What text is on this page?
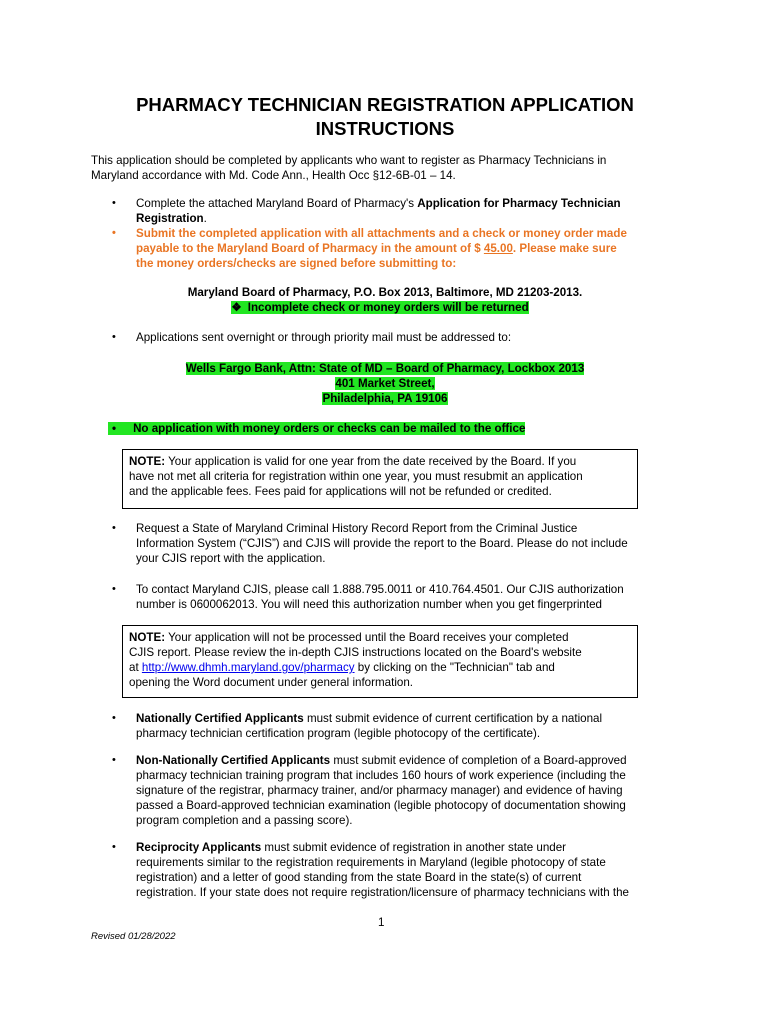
PHARMACY TECHNICIAN REGISTRATION APPLICATION
INSTRUCTIONS
This application should be completed by applicants who want to register as Pharmacy Technicians in
Maryland accordance with Md. Code Ann., Health Occ §12-6B-01 – 14.
• Complete the attached Maryland Board of Pharmacy's Application for Pharmacy Technician
Registration.
• Submit the completed application with all attachments and a check or money order made
payable to the Maryland Board of Pharmacy in the amount of $ 45.00. Please make sure
the money orders/checks are signed before submitting to:
Maryland Board of Pharmacy, P.O. Box 2013, Baltimore, MD 21203-2013.
❖ Incomplete check or money orders will be returned
• Applications sent overnight or through priority mail must be addressed to:
Wells Fargo Bank, Attn: State of MD – Board of Pharmacy, Lockbox 2013
401 Market Street,
Philadelphia, PA 19106
• No application with money orders or checks can be mailed to the office
NOTE: Your application is valid for one year from the date received by the Board. If you
have not met all criteria for registration within one year, you must resubmit an application
and the applicable fees. Fees paid for applications will not be refunded or credited.
• Request a State of Maryland Criminal History Record Report from the Criminal Justice
Information System (“CJIS”) and CJIS will provide the report to the Board. Please do not include
your CJIS report with the application.
• To contact Maryland CJIS, please call 1.888.795.0011 or 410.764.4501. Our CJIS authorization
number is 0600062013. You will need this authorization number when you get fingerprinted
NOTE: Your application will not be processed until the Board receives your completed
CJIS report. Please review the in-depth CJIS instructions located on the Board's website
at http://www.dhmh.maryland.gov/pharmacy by clicking on the "Technician" tab and
opening the Word document under general information.
• Nationally Certified Applicants must submit evidence of current certification by a national
pharmacy technician certification program (legible photocopy of the certificate).
• Non-Nationally Certified Applicants must submit evidence of completion of a Board-approved
pharmacy technician training program that includes 160 hours of work experience (including the
signature of the registrar, pharmacy trainer, and/or pharmacy manager) and evidence of having
passed a Board-approved technician examination (legible photocopy of documentation showing
program completion and a passing score).
• Reciprocity Applicants must submit evidence of registration in another state under
requirements similar to the registration requirements in Maryland (legible photocopy of state
registration) and a letter of good standing from the state Board in the state(s) of current
registration. If your state does not require registration/licensure of pharmacy technicians with the
1
Revised 01/28/2022
